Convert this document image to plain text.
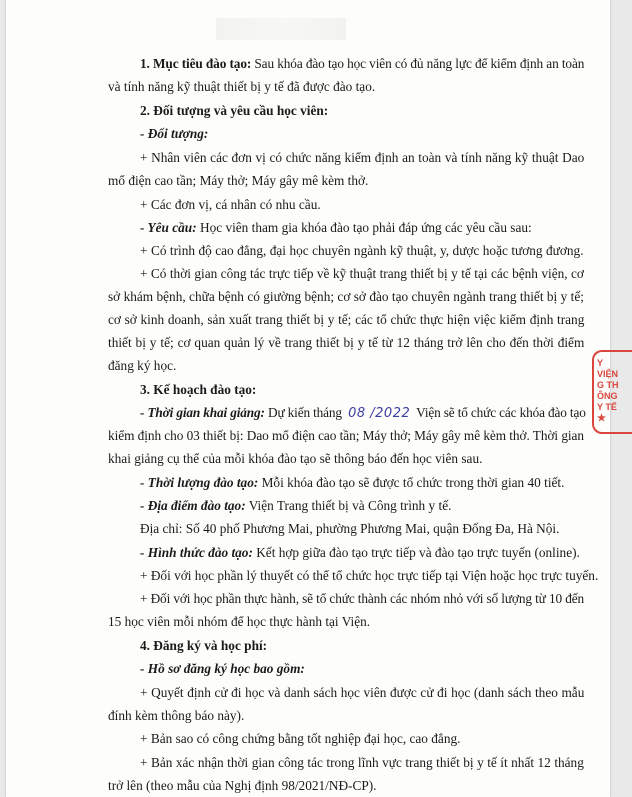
1. Mục tiêu đào tạo: Sau khóa đào tạo học viên có đủ năng lực để kiểm định an toàn
và tính năng kỹ thuật thiết bị y tế đã được đào tạo.
2. Đối tượng và yêu cầu học viên:
- Đối tượng:
+ Nhân viên các đơn vị có chức năng kiểm định an toàn và tính năng kỹ thuật Dao
mổ điện cao tần; Máy thở; Máy gây mê kèm thở.
+ Các đơn vị, cá nhân có nhu cầu.
- Yêu cầu: Học viên tham gia khóa đào tạo phải đáp ứng các yêu cầu sau:
+ Có trình độ cao đẳng, đại học chuyên ngành kỹ thuật, y, dược hoặc tương đương.
+ Có thời gian công tác trực tiếp về kỹ thuật trang thiết bị y tế tại các bệnh viện, cơ
sở khám bệnh, chữa bệnh có giường bệnh; cơ sở đào tạo chuyên ngành trang thiết bị y tế;
cơ sở kinh doanh, sản xuất trang thiết bị y tế; các tổ chức thực hiện việc kiểm định trang
thiết bị y tế; cơ quan quản lý về trang thiết bị y tế từ 12 tháng trở lên cho đến thời điểm
đăng ký học.
3. Kế hoạch đào tạo:
- Thời gian khai giảng: Dự kiến tháng 08 /2022 Viện sẽ tổ chức các khóa đào tạo
kiểm định cho 03 thiết bị: Dao mổ điện cao tần; Máy thở; Máy gây mê kèm thở. Thời gian
khai giảng cụ thể của mỗi khóa đào tạo sẽ thông báo đến học viên sau.
- Thời lượng đào tạo: Mỗi khóa đào tạo sẽ được tổ chức trong thời gian 40 tiết.
- Địa điểm đào tạo: Viện Trang thiết bị và Công trình y tế.
Địa chỉ: Số 40 phố Phương Mai, phường Phương Mai, quận Đống Đa, Hà Nội.
- Hình thức đào tạo: Kết hợp giữa đào tạo trực tiếp và đào tạo trực tuyến (online).
+ Đối với học phần lý thuyết có thể tổ chức học trực tiếp tại Viện hoặc học trực tuyến.
+ Đối với học phần thực hành, sẽ tổ chức thành các nhóm nhỏ với số lượng từ 10 đến
15 học viên mỗi nhóm để học thực hành tại Viện.
4. Đăng ký và học phí:
- Hồ sơ đăng ký học bao gồm:
+ Quyết định cử đi học và danh sách học viên được cử đi học (danh sách theo mẫu
đính kèm thông báo này).
+ Bản sao có công chứng bằng tốt nghiệp đại học, cao đẳng.
+ Bản xác nhận thời gian công tác trong lĩnh vực trang thiết bị y tế ít nhất 12 tháng
trở lên (theo mẫu của Nghị định 98/2021/NĐ-CP).
Y
VIỆN
G TH
ÔNG
Y TẾ
★
